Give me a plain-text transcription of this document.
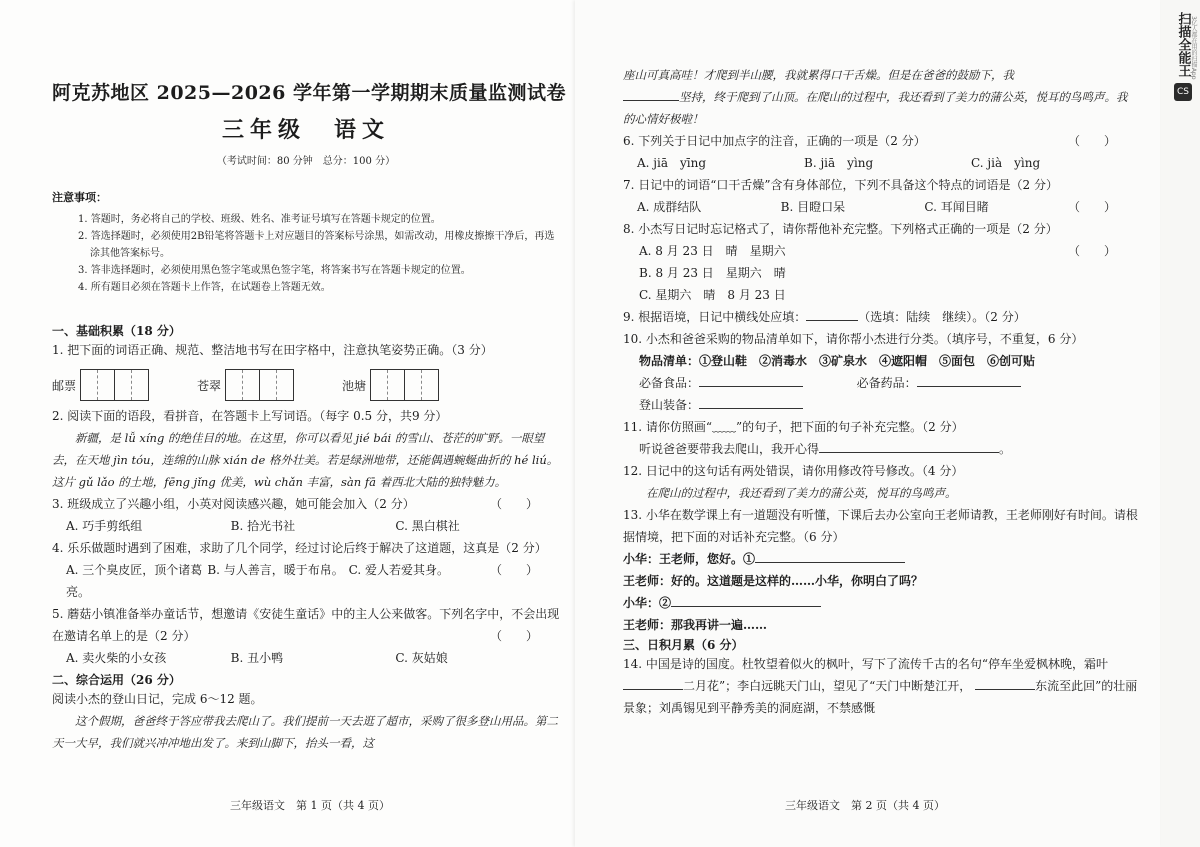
阿克苏地区 2025—2026 学年第一学期期末质量监测试卷
三年级　语文
（考试时间：80 分钟　总分：100 分）
注意事项：
1. 答题时，务必将自己的学校、班级、姓名、准考证号填写在答题卡规定的位置。
2. 答选择题时，必须使用2B铅笔将答题卡上对应题目的答案标号涂黑，如需改动，用橡皮擦擦干净后，再选涂其他答案标号。
3. 答非选择题时，必须使用黑色签字笔或黑色签字笔，将答案书写在答题卡规定的位置。
4. 所有题目必须在答题卡上作答，在试题卷上答题无效。
一、基础积累（18 分）
1. 把下面的词语正确、规范、整洁地书写在田字格中，注意执笔姿势正确。（3 分）
邮票	苍翠	池塘
2. 阅读下面的语段，看拼音，在答题卡上写词语。（每字 0.5 分，共9 分）
新疆，是 lǚ xíng 的绝佳目的地。在这里，你可以看见 jié bái 的雪山、苍茫的旷野。一眼望去，在天地 jìn tóu，连绵的山脉 xián de 格外壮美。若是绿洲地带，还能偶遇蜿蜒曲折的 hé liú。这片 gǔ lǎo 的土地，fēng jǐng 优美，wù chǎn 丰富，sàn fā 着西北大陆的独特魅力。
3. 班级成立了兴趣小组，小英对阅读感兴趣，她可能会加入（2 分）	（　　）
A. 巧手剪纸组	B. 拾光书社	C. 黑白棋社
4. 乐乐做题时遇到了困难，求助了几个同学，经过讨论后终于解决了这道题，这真是（2 分）
（　　）
A. 三个臭皮匠，顶个诸葛亮。
B. 与人善言，暖于布帛。 C. 爱人若爱其身。
5. 蘑菇小镇准备举办童话节，想邀请《安徒生童话》中的主人公来做客。下列名字中，不会出现在邀请名单上的是（2 分）	（　　）
A. 卖火柴的小女孩	B. 丑小鸭	C. 灰姑娘
二、综合运用（26 分）
阅读小杰的登山日记，完成 6～12 题。
这个假期，爸爸终于答应带我去爬山了。我们提前一天去逛了超市，采购了很多登山用品。第二天一大早，我们就兴冲冲地出发了。来到山脚下，抬头一看，这
三年级语文　第 1 页（共 4 页）
座山可真高哇！才爬到半山腰，我就累得口干舌燥。但是在爸爸的鼓励下，我
坚持，终于爬到了山顶。在爬山的过程中，我还看到了美力的蒲公英，悦耳的鸟鸣声。我的心情好极啦！
6. 下列关于日记中加点字的注音，正确的一项是（2 分）	（　　）
A. jiā　yīng	B. jiā　yìng	C. jià　yìng
7. 日记中的词语“口干舌燥”含有身体部位，下列不具备这个特点的词语是（2 分）
（　　）
A. 成群结队	B. 目瞪口呆	C. 耳闻目睹
8. 小杰写日记时忘记格式了，请你帮他补充完整。下列格式正确的一项是（2 分）
（　　）
A. 8 月 23 日　晴　星期六
B. 8 月 23 日　星期六　晴
C. 星期六　晴　8 月 23 日
9. 根据语境，日记中横线处应填：	（选填：陆续　继续）。（2 分）
10. 小杰和爸爸采购的物品清单如下，请你帮小杰进行分类。（填序号，不重复，6 分）
物品清单：①登山鞋　②消毒水　③矿泉水　④遮阳帽　⑤面包　⑥创可贴
必备食品：	必备药品：
登山装备：
11. 请你仿照画“﹏﹏”的句子，把下面的句子补充完整。（2 分）
听说爸爸要带我去爬山，我开心得	。
12. 日记中的这句话有两处错误，请你用修改符号修改。（4 分）
在爬山的过程中，我还看到了美力的蒲公英，悦耳的鸟鸣声。
13. 小华在数学课上有一道题没有听懂，下课后去办公室向王老师请教，王老师刚好有时间。请根据情境，把下面的对话补充完整。（6 分）
小华：王老师，您好。①
王老师：好的。这道题是这样的……小华，你明白了吗？
小华：②
王老师：那我再讲一遍……
三、日积月累（6 分）
14. 中国是诗的国度。杜牧望着似火的枫叶，写下了流传千古的名句“停车坐爱枫林晚，霜叶二月花”；李白远眺天门山，望见了“天门中断楚江开，	东流至此回”的壮丽景象；刘禹锡见到平静秀美的洞庭湖，不禁感慨
三年级语文　第 2 页（共 4 页）
3亿人都在用的扫描App
扫描全能王
CS
